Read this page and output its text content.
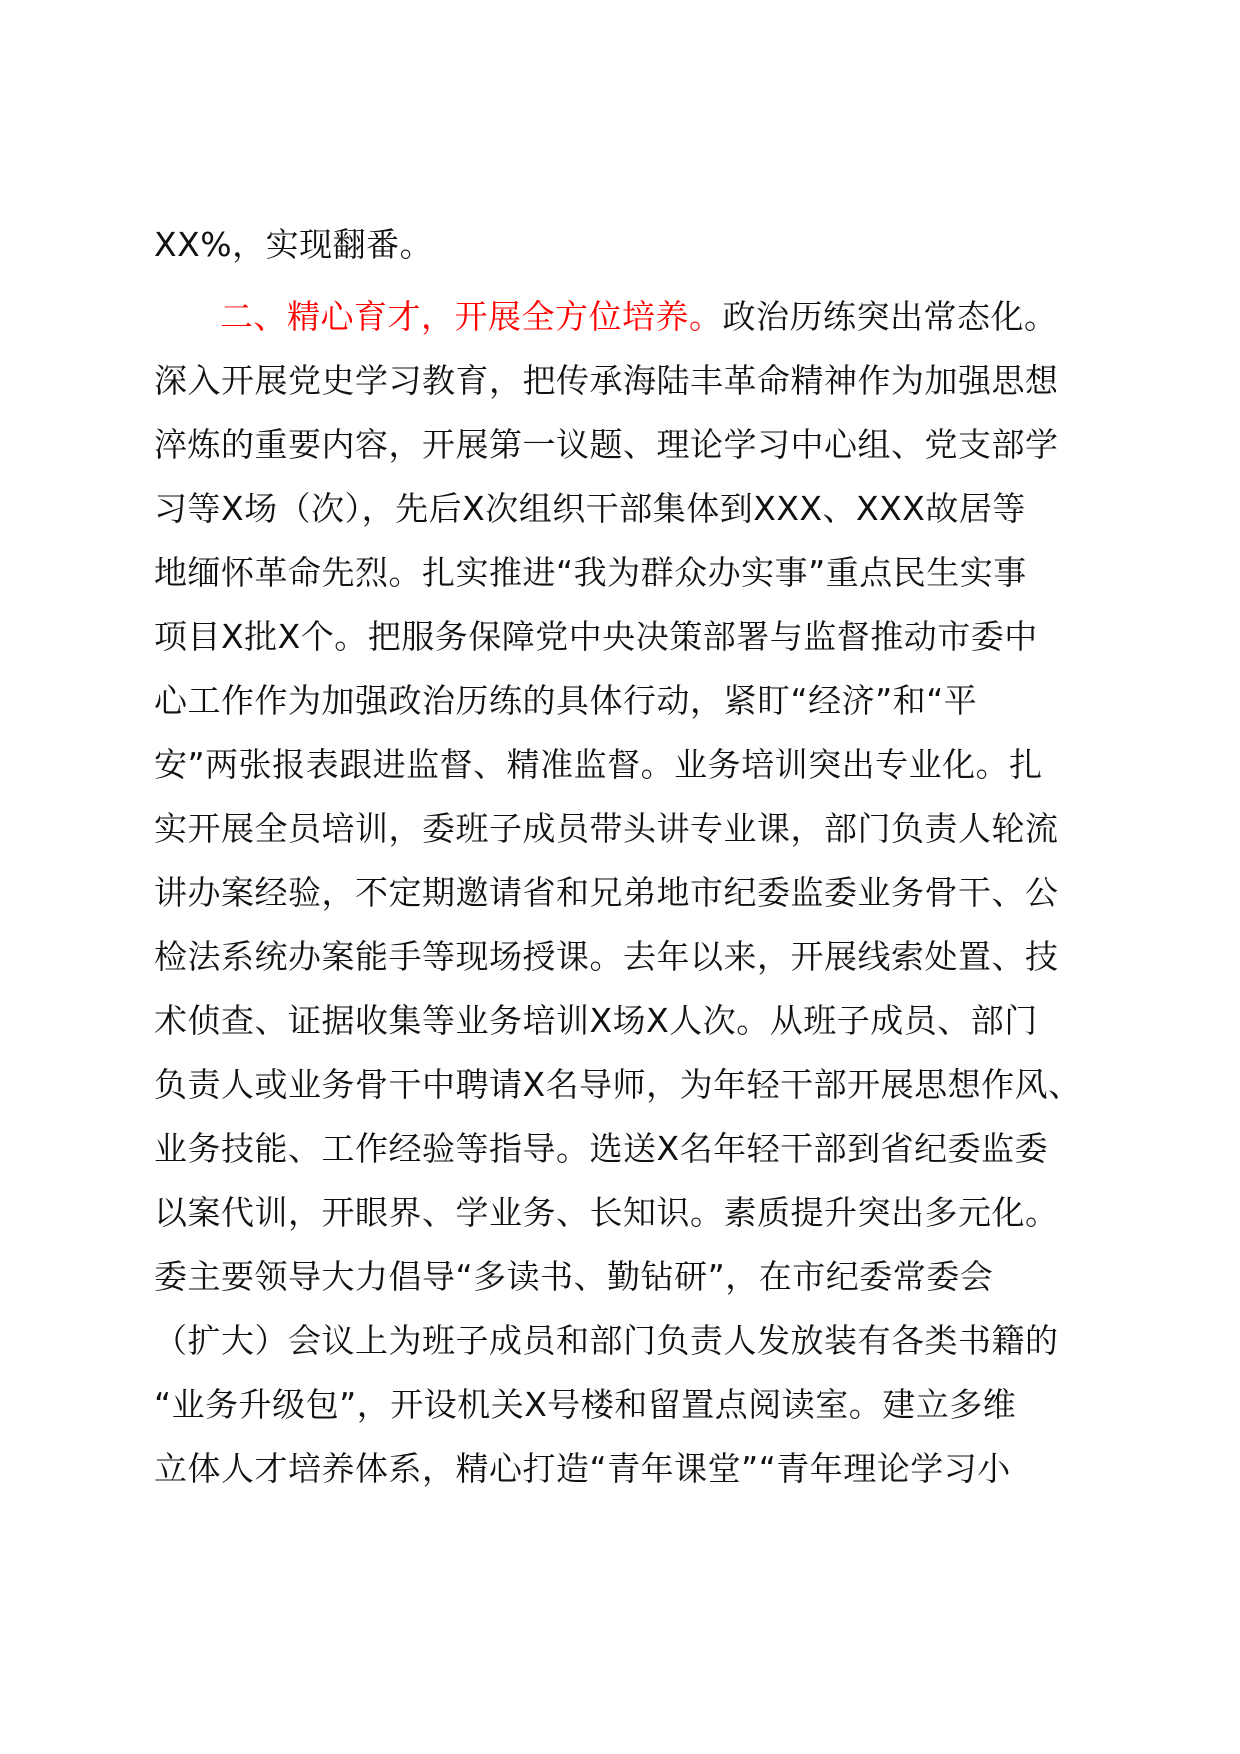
XX%，实现翻番。
二、精心育才，开展全方位培养。政治历练突出常态化。
深入开展党史学习教育，把传承海陆丰革命精神作为加强思想
淬炼的重要内容，开展第一议题、理论学习中心组、党支部学
习等X场（次），先后X次组织干部集体到XXX、XXX故居等
地缅怀革命先烈。扎实推进“我为群众办实事”重点民生实事
项目X批X个。把服务保障党中央决策部署与监督推动市委中
心工作作为加强政治历练的具体行动，紧盯“经济”和“平
安”两张报表跟进监督、精准监督。业务培训突出专业化。扎
实开展全员培训，委班子成员带头讲专业课，部门负责人轮流
讲办案经验，不定期邀请省和兄弟地市纪委监委业务骨干、公
检法系统办案能手等现场授课。去年以来，开展线索处置、技
术侦查、证据收集等业务培训X场X人次。从班子成员、部门
负责人或业务骨干中聘请X名导师，为年轻干部开展思想作风、
业务技能、工作经验等指导。选送X名年轻干部到省纪委监委
以案代训，开眼界、学业务、长知识。素质提升突出多元化。
委主要领导大力倡导“多读书、勤钻研”，在市纪委常委会
（扩大）会议上为班子成员和部门负责人发放装有各类书籍的
“业务升级包”，开设机关X号楼和留置点阅读室。建立多维
立体人才培养体系，精心打造“青年课堂”“青年理论学习小
